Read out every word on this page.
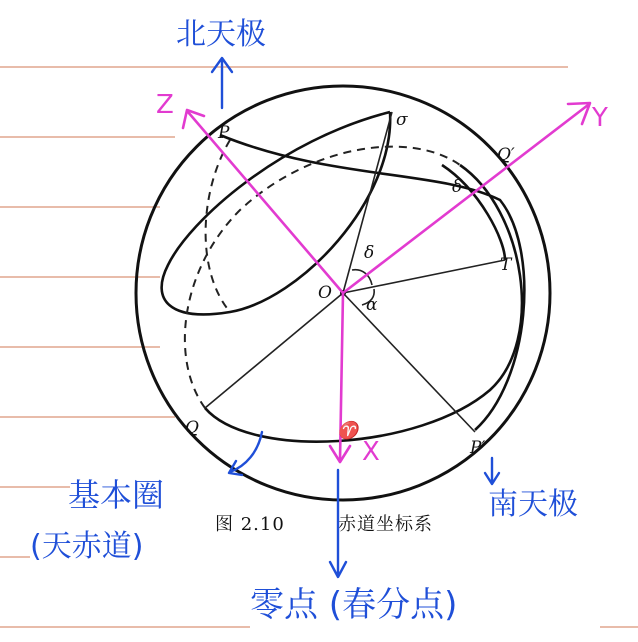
Z	Y
X
P
Q′
T
O
Q
P′
♈
σ
δ
δ
α
图 2.10	赤道坐标系
北天极
基本圈
(天赤道)
南天极
零点 (春分点)
